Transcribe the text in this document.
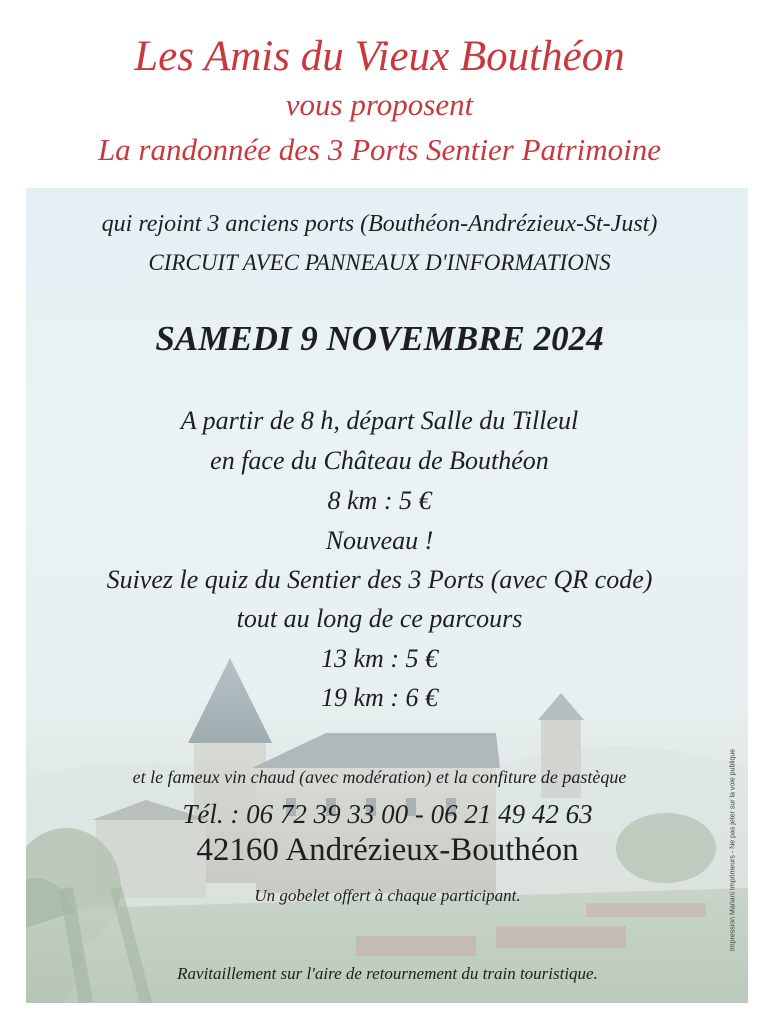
Les Amis du Vieux Bouthéon
vous proposent
La randonnée des 3 Ports Sentier Patrimoine
qui rejoint 3 anciens ports (Bouthéon-Andrézieux-St-Just)
CIRCUIT AVEC PANNEAUX D'INFORMATIONS
SAMEDI 9 NOVEMBRE 2024
A partir de 8 h, départ Salle du Tilleul
en face du Château de Bouthéon
8 km : 5 €
Nouveau !
Suivez le quiz du Sentier des 3 Ports (avec QR code)
tout au long de ce parcours
13 km : 5 €
19 km : 6 €
et le fameux vin chaud (avec modération) et la confiture de pastèque
Tél. : 06 72 39 33 00 - 06 21 49 42 63
42160 Andrézieux-Bouthéon
Un gobelet offert à chaque participant.
Ravitaillement sur l'aire de retournement du train touristique.
Impression Mariani Imprimeurs - Ne pas jeter sur la voie publique
